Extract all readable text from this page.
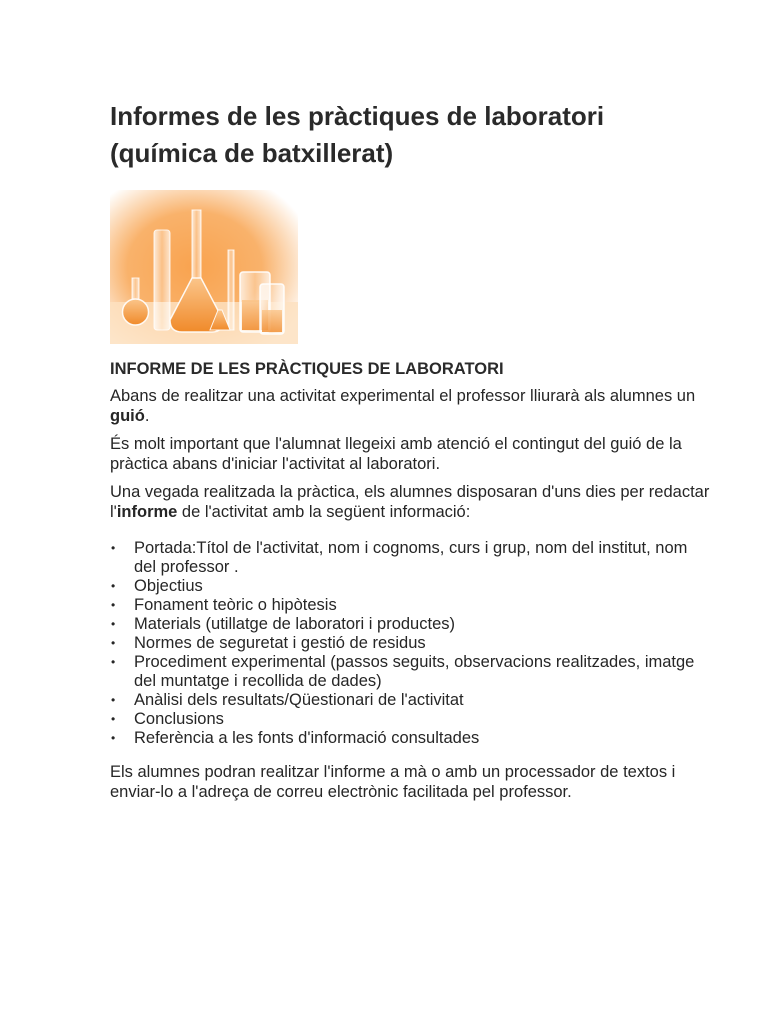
Informes de les pràctiques de laboratori
(química de batxillerat)
INFORME DE LES PRÀCTIQUES DE LABORATORI

Abans de realitzar una activitat experimental el professor lliurarà als alumnes un guió.

És molt important que l'alumnat llegeixi amb atenció el contingut del guió de la pràctica abans d'iniciar l'activitat al laboratori.

Una vegada realitzada la pràctica, els alumnes disposaran d'uns dies per redactar l'informe de l'activitat amb la següent informació:

• Portada:Títol de l'activitat, nom i cognoms, curs i grup, nom del institut, nom del professor .
• Objectius
• Fonament teòric o hipòtesis
• Materials (utillatge de laboratori i productes)
• Normes de seguretat i gestió de residus
• Procediment experimental (passos seguits, observacions realitzades, imatge del muntatge i recollida de dades)
• Anàlisi dels resultats/Qüestionari de l'activitat
• Conclusions
• Referència a les fonts d'informació consultades

Els alumnes podran realitzar l'informe a mà o amb un processador de textos i enviar-lo a l'adreça de correu electrònic facilitada pel professor.
